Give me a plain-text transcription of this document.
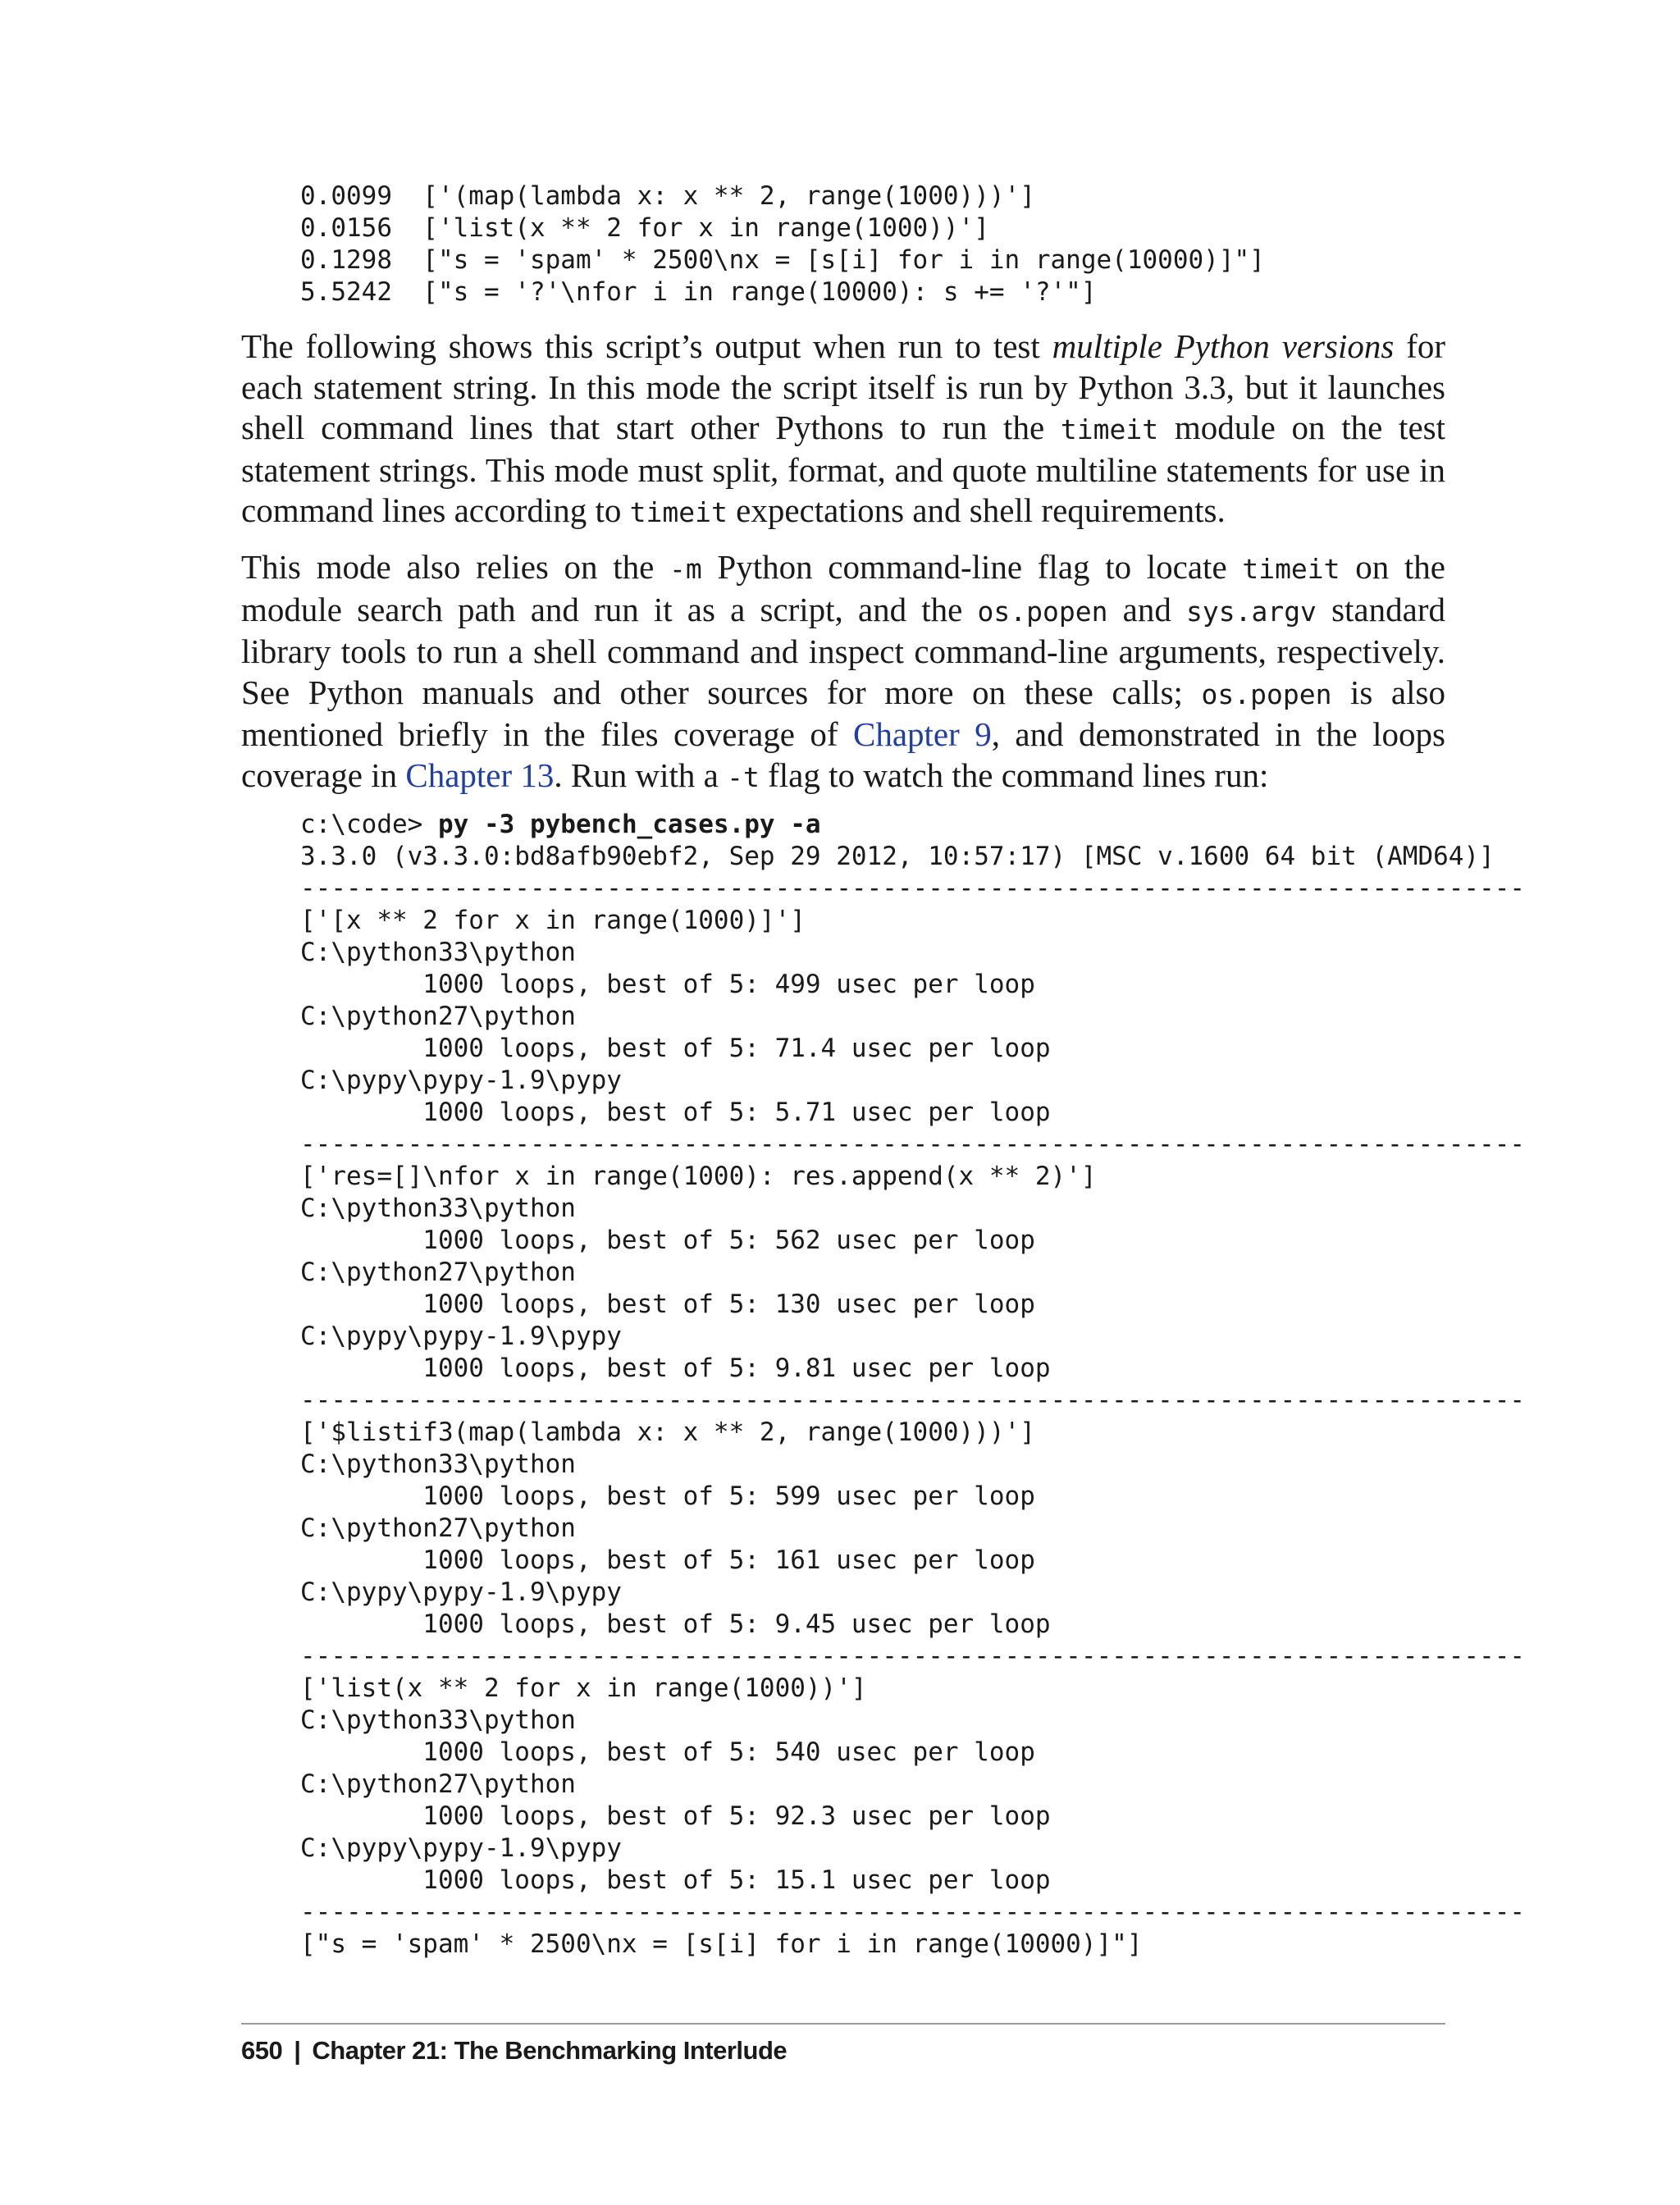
0.0099  ['(map(lambda x: x ** 2, range(1000)))']
0.0156  ['list(x ** 2 for x in range(1000))']
0.1298  ["s = 'spam' * 2500\nx = [s[i] for i in range(10000)]"]
5.5242  ["s = '?'\nfor i in range(10000): s += '?'"]

The following shows this script’s output when run to test multiple Python versions for each statement string. In this mode the script itself is run by Python 3.3, but it launches shell command lines that start other Pythons to run the timeit module on the test statement strings. This mode must split, format, and quote multiline statements for use in command lines according to timeit expectations and shell requirements.

This mode also relies on the -m Python command-line flag to locate timeit on the module search path and run it as a script, and the os.popen and sys.argv standard library tools to run a shell command and inspect command-line arguments, respectively. See Python manuals and other sources for more on these calls; os.popen is also mentioned briefly in the files coverage of Chapter 9, and demonstrated in the loops coverage in Chapter 13. Run with a -t flag to watch the command lines run:

c:\code> py -3 pybench_cases.py -a
3.3.0 (v3.3.0:bd8afb90ebf2, Sep 29 2012, 10:57:17) [MSC v.1600 64 bit (AMD64)]
--------------------------------------------------------------------------------
['[x ** 2 for x in range(1000)]']
C:\python33\python
1000 loops, best of 5: 499 usec per loop
C:\python27\python
1000 loops, best of 5: 71.4 usec per loop
C:\pypy\pypy-1.9\pypy
1000 loops, best of 5: 5.71 usec per loop
--------------------------------------------------------------------------------
['res=[]\nfor x in range(1000): res.append(x ** 2)']
C:\python33\python
1000 loops, best of 5: 562 usec per loop
C:\python27\python
1000 loops, best of 5: 130 usec per loop
C:\pypy\pypy-1.9\pypy
1000 loops, best of 5: 9.81 usec per loop
--------------------------------------------------------------------------------
['$listif3(map(lambda x: x ** 2, range(1000)))']
C:\python33\python
1000 loops, best of 5: 599 usec per loop
C:\python27\python
1000 loops, best of 5: 161 usec per loop
C:\pypy\pypy-1.9\pypy
1000 loops, best of 5: 9.45 usec per loop
--------------------------------------------------------------------------------
['list(x ** 2 for x in range(1000))']
C:\python33\python
1000 loops, best of 5: 540 usec per loop
C:\python27\python
1000 loops, best of 5: 92.3 usec per loop
C:\pypy\pypy-1.9\pypy
1000 loops, best of 5: 15.1 usec per loop
--------------------------------------------------------------------------------
["s = 'spam' * 2500\nx = [s[i] for i in range(10000)]"]
650 | Chapter 21: The Benchmarking Interlude
